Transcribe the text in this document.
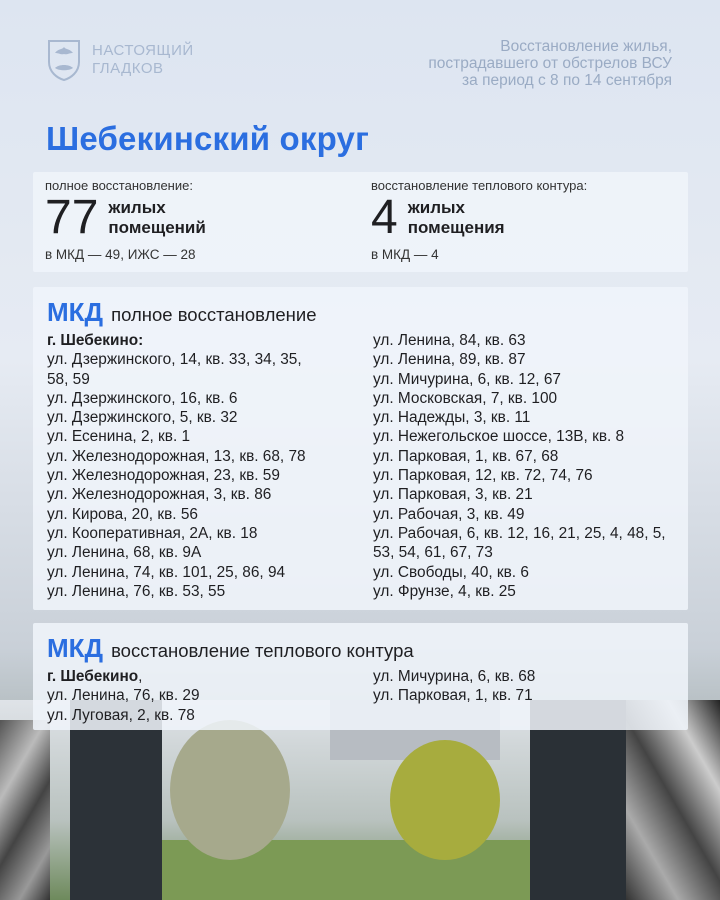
НАСТОЯЩИЙ
ГЛАДКОВ
Восстановление жилья,
пострадавшего от обстрелов ВСУ
за период с 8 по 14 сентября
Шебекинский округ
полное восстановление:
77 жилых
помещений
в МКД — 49, ИЖС — 28
восстановление теплового контура:
4 жилых
помещения
в МКД — 4
МКД полное восстановление
г. Шебекино:
ул. Дзержинского, 14, кв. 33, 34, 35,
58, 59
ул. Дзержинского, 16, кв. 6
ул. Дзержинского, 5, кв. 32
ул. Есенина, 2, кв. 1
ул. Железнодорожная, 13, кв. 68, 78
ул. Железнодорожная, 23, кв. 59
ул. Железнодорожная, 3, кв. 86
ул. Кирова, 20, кв. 56
ул. Кооперативная, 2А, кв. 18
ул. Ленина, 68, кв. 9А
ул. Ленина, 74, кв. 101, 25, 86, 94
ул. Ленина, 76, кв. 53, 55
ул. Ленина, 84, кв. 63
ул. Ленина, 89, кв. 87
ул. Мичурина, 6, кв. 12, 67
ул. Московская, 7, кв. 100
ул. Надежды, 3, кв. 11
ул. Нежегольское шоссе, 13В, кв. 8
ул. Парковая, 1, кв. 67, 68
ул. Парковая, 12, кв. 72, 74, 76
ул. Парковая, 3, кв. 21
ул. Рабочая, 3, кв. 49
ул. Рабочая, 6, кв. 12, 16, 21, 25, 4, 48, 5,
53, 54, 61, 67, 73
ул. Свободы, 40, кв. 6
ул. Фрунзе, 4, кв. 25
МКД восстановление теплового контура
г. Шебекино,
ул. Ленина, 76, кв. 29
ул. Луговая, 2, кв. 78
ул. Мичурина, 6, кв. 68
ул. Парковая, 1, кв. 71
